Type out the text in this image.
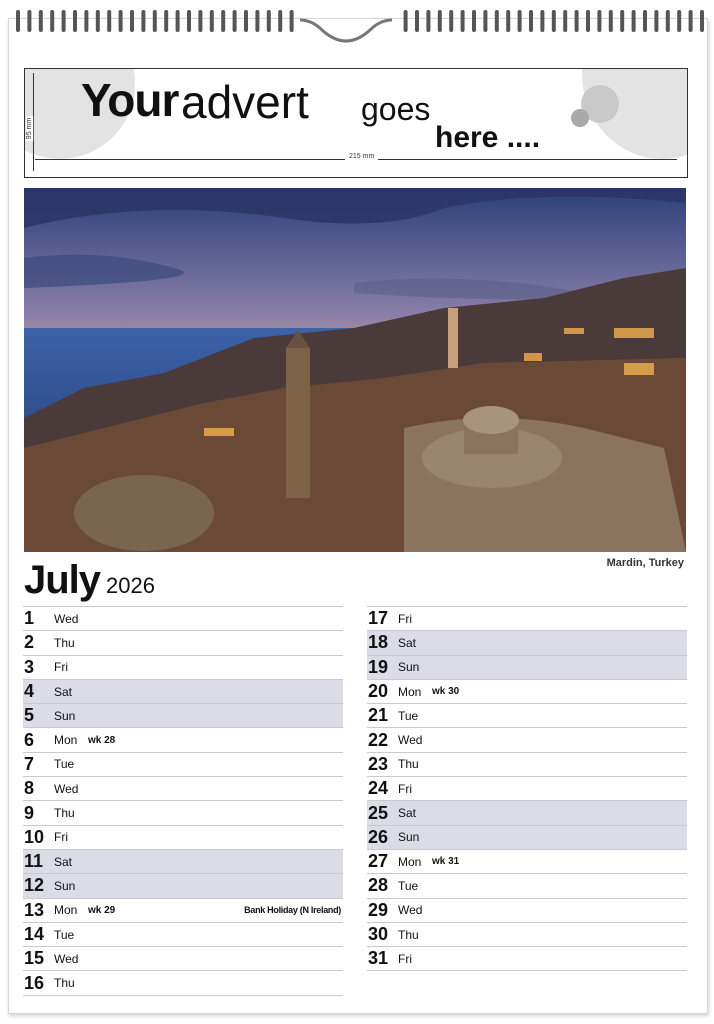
Your advert goes
here ....
215 mm
95 mm
Mardin, Turkey
July 2026
1	Wed
2	Thu
3	Fri
4	Sat
5	Sun
6	Mon	wk 28
7	Tue
8	Wed
9	Thu
10 Fri
11 Sat
12 Sun
13 Mon	wk 29	Bank Holiday (N Ireland)
14 Tue
15 Wed
16 Thu
17 Fri
18 Sat
19 Sun
20 Mon	wk 30
21 Tue
22 Wed
23 Thu
24 Fri
25 Sat
26 Sun
27 Mon	wk 31
28 Tue
29 Wed
30 Thu
31 Fri
